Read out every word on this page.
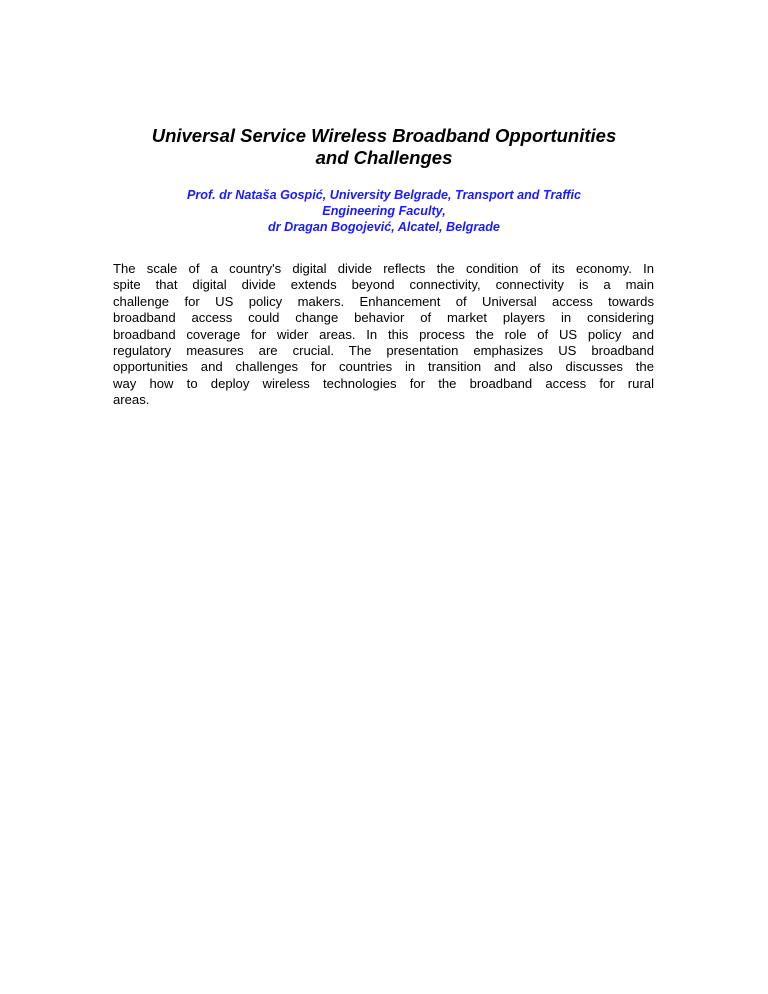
Universal Service Wireless Broadband Opportunities
and Challenges

Prof. dr Nataša Gospić, University Belgrade, Transport and Traffic
Engineering Faculty,
dr Dragan Bogojević, Alcatel, Belgrade

The scale of a country's digital divide reflects the condition of its economy. In
spite that digital divide extends beyond connectivity, connectivity is a main
challenge for US policy makers. Enhancement of Universal access towards
broadband access could change behavior of market players in considering
broadband coverage for wider areas. In this process the role of US policy and
regulatory measures are crucial. The presentation emphasizes US broadband
opportunities and challenges for countries in transition and also discusses the
way how to deploy wireless technologies for the broadband access for rural
areas.
